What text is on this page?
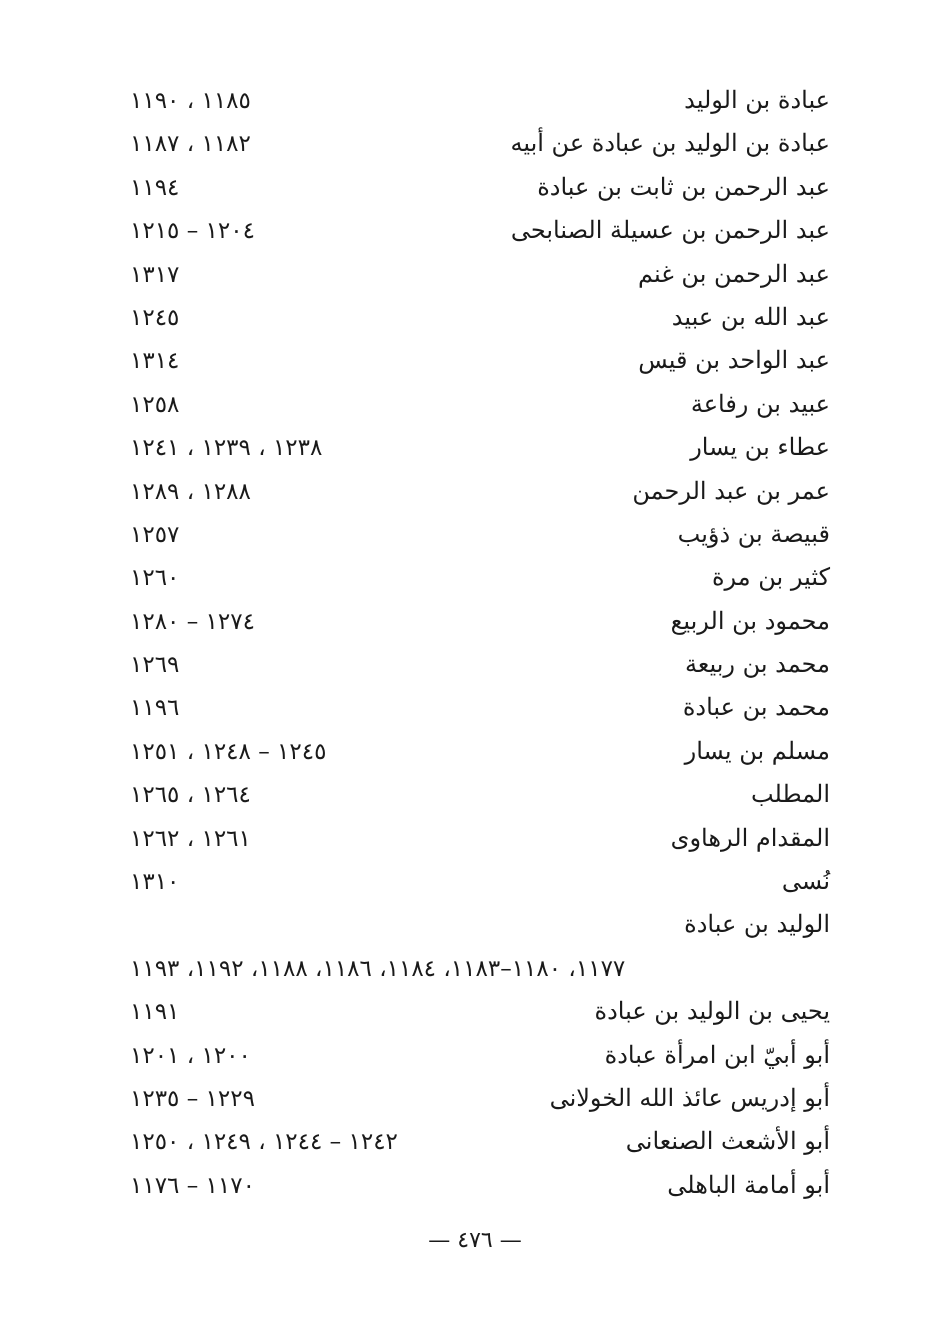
عبادة بن الوليد
١١٨٥ ، ١١٩٠
عبادة بن الوليد بن عبادة عن أبيه
١١٨٢ ، ١١٨٧
عبد الرحمن بن ثابت بن عبادة
١١٩٤
عبد الرحمن بن عسيلة الصنابحى
١٢٠٤ – ١٢١٥
عبد الرحمن بن غنم
١٣١٧
عبد الله بن عبيد
١٢٤٥
عبد الواحد بن قيس
١٣١٤
عبيد بن رفاعة
١٢٥٨
عطاء بن يسار
١٢٣٨ ، ١٢٣٩ ، ١٢٤١
عمر بن عبد الرحمن
١٢٨٨ ، ١٢٨٩
قبيصة بن ذؤيب
١٢٥٧
كثير بن مرة
١٢٦٠
محمود بن الربيع
١٢٧٤ – ١٢٨٠
محمد بن ربيعة
١٢٦٩
محمد بن عبادة
١١٩٦
مسلم بن يسار
١٢٤٥ – ١٢٤٨ ، ١٢٥١
المطلب
١٢٦٤ ، ١٢٦٥
المقدام الرهاوى
١٢٦١ ، ١٢٦٢
نُسى
١٣١٠
الوليد بن عبادة
١١٧٧، ١١٨٠–١١٨٣، ١١٨٤، ١١٨٦، ١١٨٨، ١١٩٢، ١١٩٣
يحيى بن الوليد بن عبادة
١١٩١
أبو أبيّ ابن امرأة عبادة
١٢٠٠ ، ١٢٠١
أبو إدريس عائذ الله الخولانى
١٢٢٩ – ١٢٣٥
أبو الأشعث الصنعانى
١٢٤٢ – ١٢٤٤ ، ١٢٤٩ ، ١٢٥٠
أبو أمامة الباهلى
١١٧٠ – ١١٧٦
— ٤٧٦ —
